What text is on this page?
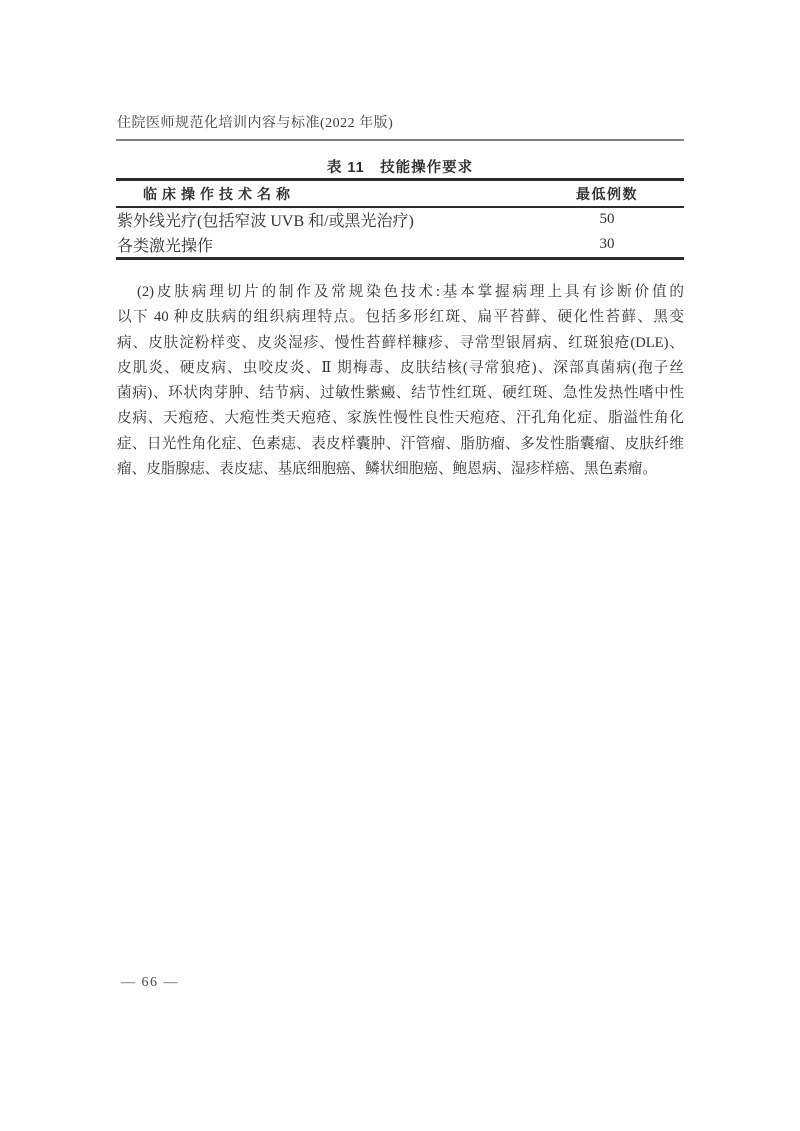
住院医师规范化培训内容与标准(2022 年版)
表 11　技能操作要求
临床操作技术名称	最低例数
紫外线光疗(包括窄波 UVB 和/或黑光治疗)	50
各类激光操作	30
(2)皮肤病理切片的制作及常规染色技术:基本掌握病理上具有诊断价值的
以下 40 种皮肤病的组织病理特点。包括多形红斑、扁平苔藓、硬化性苔藓、黑变
病、皮肤淀粉样变、皮炎湿疹、慢性苔藓样糠疹、寻常型银屑病、红斑狼疮(DLE)、
皮肌炎、硬皮病、虫咬皮炎、Ⅱ 期梅毒、皮肤结核(寻常狼疮)、深部真菌病(孢子丝
菌病)、环状肉芽肿、结节病、过敏性紫癜、结节性红斑、硬红斑、急性发热性嗜中性
皮病、天疱疮、大疱性类天疱疮、家族性慢性良性天疱疮、汗孔角化症、脂溢性角化
症、日光性角化症、色素痣、表皮样囊肿、汗管瘤、脂肪瘤、多发性脂囊瘤、皮肤纤维
瘤、皮脂腺痣、表皮痣、基底细胞癌、鳞状细胞癌、鲍恩病、湿疹样癌、黑色素瘤。
— 66 —
